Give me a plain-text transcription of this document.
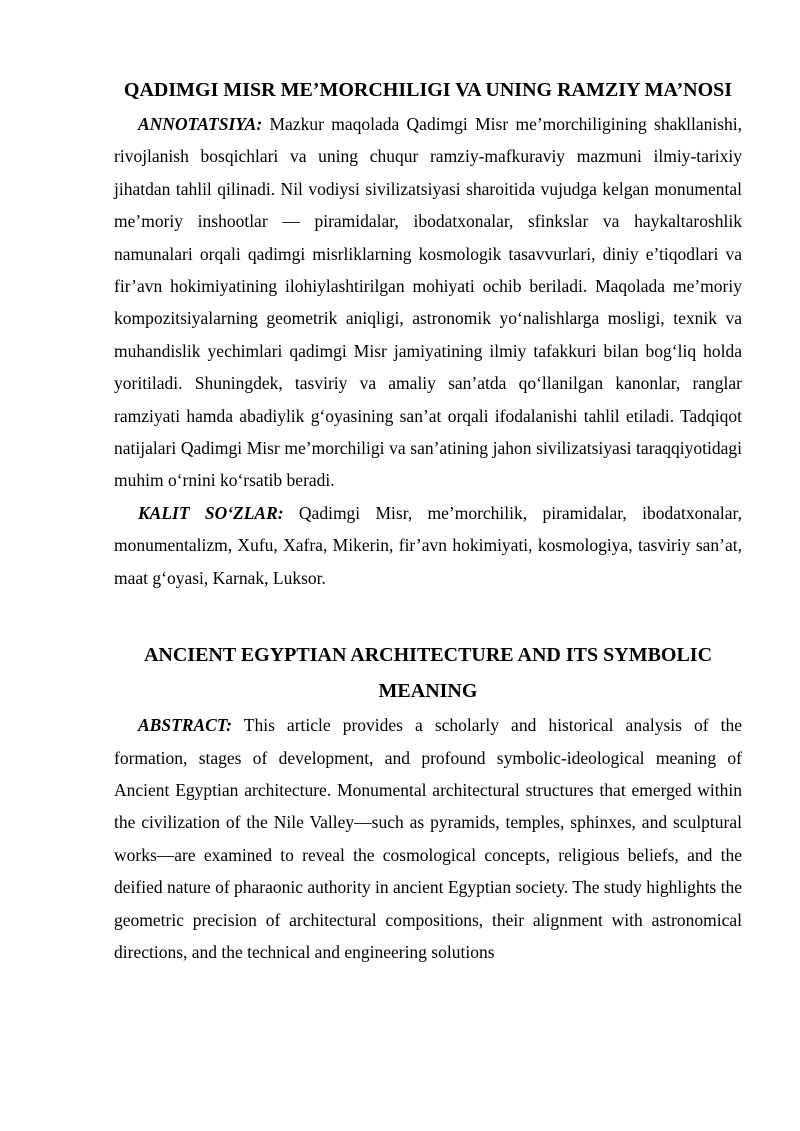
QADIMGI MISR ME’MORCHILIGI VA UNING RAMZIY MA’NOSI

ANNOTATSIYA: Mazkur maqolada Qadimgi Misr me’morchiligining shakllanishi, rivojlanish bosqichlari va uning chuqur ramziy-mafkuraviy mazmuni ilmiy-tarixiy jihatdan tahlil qilinadi. Nil vodiysi sivilizatsiyasi sharoitida vujudga kelgan monumental me’moriy inshootlar — piramidalar, ibodatxonalar, sfinkslar va haykaltaroshlik namunalari orqali qadimgi misrliklarning kosmologik tasavvurlari, diniy e’tiqodlari va fir’avn hokimiyatining ilohiylashtirilgan mohiyati ochib beriladi. Maqolada me’moriy kompozitsiyalarning geometrik aniqligi, astronomik yo‘nalishlarga mosligi, texnik va muhandislik yechimlari qadimgi Misr jamiyatining ilmiy tafakkuri bilan bog‘liq holda yoritiladi. Shuningdek, tasviriy va amaliy san’atda qo‘llanilgan kanonlar, ranglar ramziyati hamda abadiylik g‘oyasining san’at orqali ifodalanishi tahlil etiladi. Tadqiqot natijalari Qadimgi Misr me’morchiligi va san’atining jahon sivilizatsiyasi taraqqiyotidagi muhim o‘rnini ko‘rsatib beradi.

KALIT SO‘ZLAR: Qadimgi Misr, me’morchilik, piramidalar, ibodatxonalar, monumentalizm, Xufu, Xafra, Mikerin, fir’avn hokimiyati, kosmologiya, tasviriy san’at, maat g‘oyasi, Karnak, Luksor.

ANCIENT EGYPTIAN ARCHITECTURE AND ITS SYMBOLIC MEANING

ABSTRACT: This article provides a scholarly and historical analysis of the formation, stages of development, and profound symbolic-ideological meaning of Ancient Egyptian architecture. Monumental architectural structures that emerged within the civilization of the Nile Valley—such as pyramids, temples, sphinxes, and sculptural works—are examined to reveal the cosmological concepts, religious beliefs, and the deified nature of pharaonic authority in ancient Egyptian society. The study highlights the geometric precision of architectural compositions, their alignment with astronomical directions, and the technical and engineering solutions
